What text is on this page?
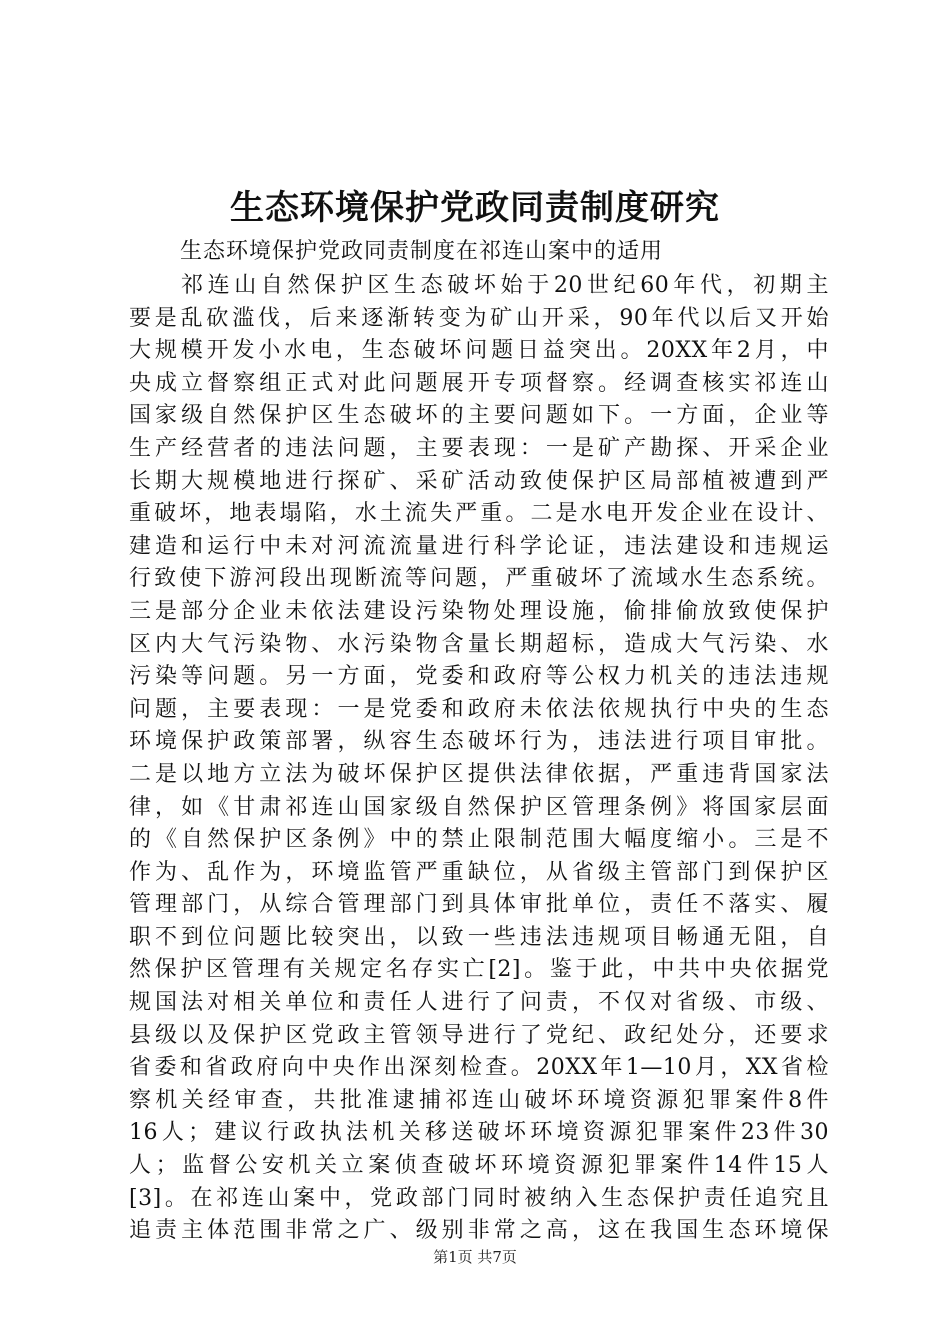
生态环境保护党政同责制度研究

生态环境保护党政同责制度在祁连山案中的适用

祁连山自然保护区生态破坏始于20世纪60年代，初期主
要是乱砍滥伐，后来逐渐转变为矿山开采，90年代以后又开始
大规模开发小水电，生态破坏问题日益突出。20XX年2月，中
央成立督察组正式对此问题展开专项督察。经调查核实祁连山
国家级自然保护区生态破坏的主要问题如下。一方面，企业等
生产经营者的违法问题，主要表现：一是矿产勘探、开采企业
长期大规模地进行探矿、采矿活动致使保护区局部植被遭到严
重破坏，地表塌陷，水土流失严重。二是水电开发企业在设计、
建造和运行中未对河流流量进行科学论证，违法建设和违规运
行致使下游河段出现断流等问题，严重破坏了流域水生态系统。
三是部分企业未依法建设污染物处理设施，偷排偷放致使保护
区内大气污染物、水污染物含量长期超标，造成大气污染、水
污染等问题。另一方面，党委和政府等公权力机关的违法违规
问题，主要表现：一是党委和政府未依法依规执行中央的生态
环境保护政策部署，纵容生态破坏行为，违法进行项目审批。
二是以地方立法为破坏保护区提供法律依据，严重违背国家法
律，如《甘肃祁连山国家级自然保护区管理条例》将国家层面
的《自然保护区条例》中的禁止限制范围大幅度缩小。三是不
作为、乱作为，环境监管严重缺位，从省级主管部门到保护区
管理部门，从综合管理部门到具体审批单位，责任不落实、履
职不到位问题比较突出，以致一些违法违规项目畅通无阻，自
然保护区管理有关规定名存实亡[2]。鉴于此，中共中央依据党
规国法对相关单位和责任人进行了问责，不仅对省级、市级、
县级以及保护区党政主管领导进行了党纪、政纪处分，还要求
省委和省政府向中央作出深刻检查。20XX年1—10月，XX省检
察机关经审查，共批准逮捕祁连山破坏环境资源犯罪案件8件
16人；建议行政执法机关移送破坏环境资源犯罪案件23件30
人；监督公安机关立案侦查破坏环境资源犯罪案件14件15人
[3]。在祁连山案中，党政部门同时被纳入生态保护责任追究且
追责主体范围非常之广、级别非常之高，这在我国生态环境保
第1页 共7页
